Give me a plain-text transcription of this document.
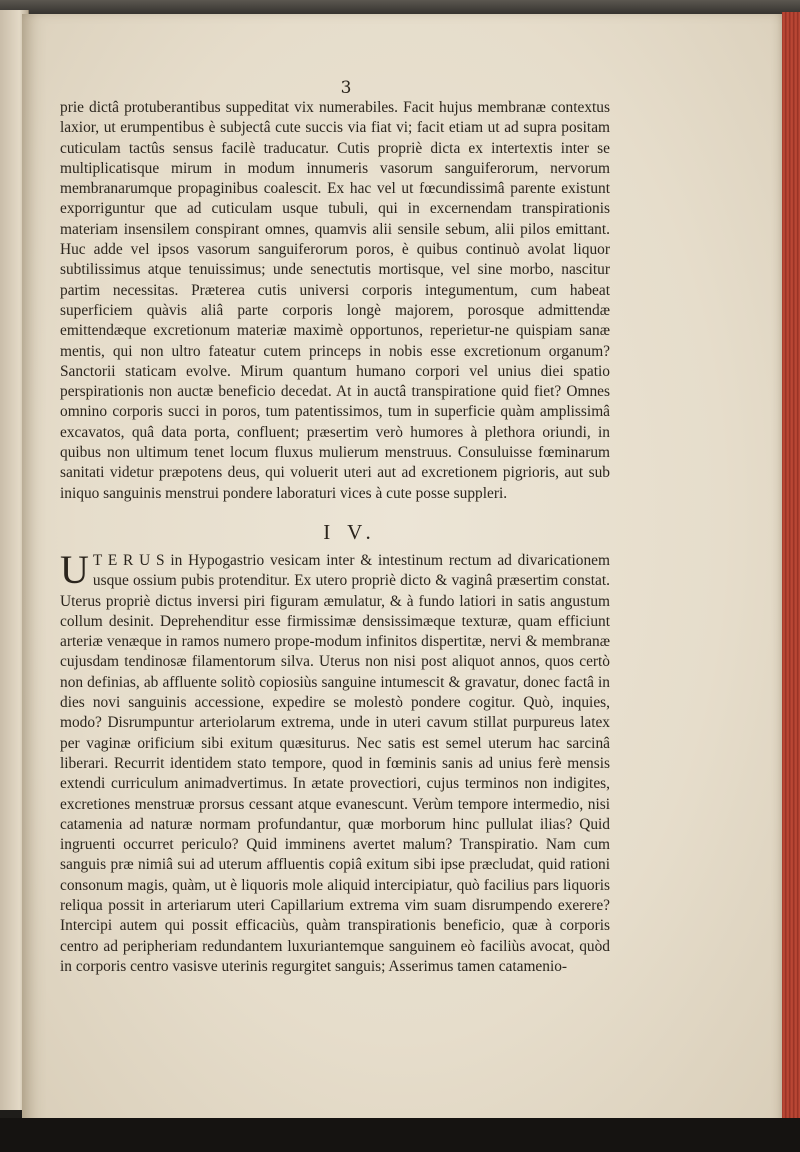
3
prie dictâ protuberantibus suppeditat vix numerabiles. Facit hujus membranæ contextus laxior, ut erumpentibus è subjectâ cute succis via fiat vi; facit etiam ut ad supra positam cuticulam tactûs sensus facilè traducatur. Cutis propriè dicta ex intertextis inter se multiplicatisque mirum in modum innumeris vasorum sanguiferorum, nervorum membranarumque propaginibus coalescit. Ex hac vel ut fœcundissimâ parente existunt exporriguntur que ad cuticulam usque tubuli, qui in excernendam transpirationis materiam insensilem conspirant omnes, quamvis alii sensile sebum, alii pilos emittant. Huc adde vel ipsos vasorum sanguiferorum poros, è quibus continuò avolat liquor subtilissimus atque tenuissimus; unde senectutis mortisque, vel sine morbo, nascitur partim necessitas. Præterea cutis universi corporis integumentum, cum habeat superficiem quàvis aliâ parte corporis longè majorem, porosque admittendæ emittendæque excretionum materiæ maximè opportunos, reperietur-ne quispiam sanæ mentis, qui non ultro fateatur cutem princeps in nobis esse excretionum organum? Sanctorii staticam evolve. Mirum quantum humano corpori vel unius diei spatio perspirationis non auctæ beneficio decedat. At in auctâ transpiratione quid fiet? Omnes omnino corporis succi in poros, tum patentissimos, tum in superficie quàm amplissimâ excavatos, quâ data porta, confluent; præsertim verò humores à plethora oriundi, in quibus non ultimum tenet locum fluxus mulierum menstruus. Consuluisse fœminarum sanitati videtur præpotens deus, qui voluerit uteri aut ad excretionem pigrioris, aut sub iniquo sanguinis menstrui pondere laboraturi vices à cute posse suppleri.
I V.
U T E R U S in Hypogastrio vesicam inter & intestinum rectum ad divaricationem usque ossium pubis protenditur. Ex utero propriè dicto & vaginâ præsertim constat. Uterus propriè dictus inversi piri figuram æmulatur, & à fundo latiori in satis angustum collum desinit. Deprehenditur esse firmissimæ densissimæque texturæ, quam efficiunt arteriæ venæque in ramos numero prope-modum infinitos dispertitæ, nervi & membranæ cujusdam tendinosæ filamentorum silva. Uterus non nisi post aliquot annos, quos certò non definias, ab affluente solitò copiosiùs sanguine intumescit & gravatur, donec factâ in dies novi sanguinis accessione, expedire se molestò pondere cogitur. Quò, inquies, modo? Disrumpuntur arteriolarum extrema, unde in uteri cavum stillat purpureus latex per vaginæ orificium sibi exitum quæsiturus. Nec satis est semel uterum hac sarcinâ liberari. Recurrit identidem stato tempore, quod in fœminis sanis ad unius ferè mensis extendi curriculum animadvertimus. In ætate provectiori, cujus terminos non indigites, excretiones menstruæ prorsus cessant atque evanescunt. Verùm tempore intermedio, nisi catamenia ad naturæ normam profundantur, quæ morborum hinc pullulat ilias? Quid ingruenti occurret periculo? Quid imminens avertet malum? Transpiratio. Nam cum sanguis præ nimiâ sui ad uterum affluentis copiâ exitum sibi ipse præcludat, quid rationi consonum magis, quàm, ut è liquoris mole aliquid intercipiatur, quò facilius pars liquoris reliqua possit in arteriarum uteri Capillarium extrema vim suam disrumpendo exerere? Intercipi autem qui possit efficaciùs, quàm transpirationis beneficio, quæ à corporis centro ad peripheriam redundantem luxuriantemque sanguinem eò faciliùs avocat, quòd in corporis centro vasisve uterinis regurgitet sanguis; Asserimus tamen catamenio-
